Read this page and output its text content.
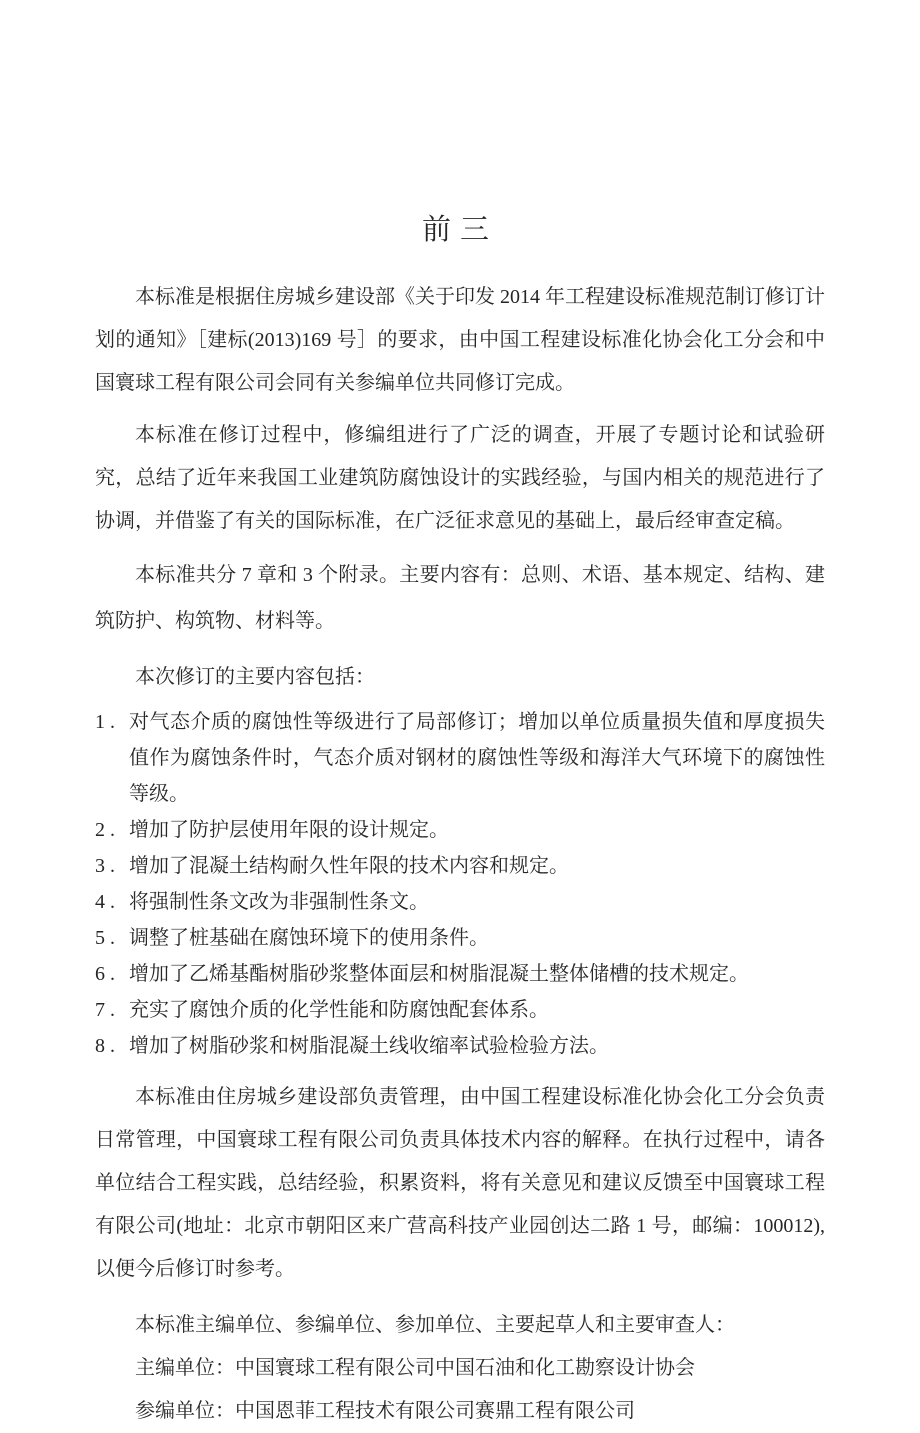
前三

本标准是根据住房城乡建设部《关于印发 2014 年工程建设标准规范制订修订计划的通知》［建标(2013)169 号］的要求，由中国工程建设标准化协会化工分会和中国寰球工程有限公司会同有关参编单位共同修订完成。

本标准在修订过程中，修编组进行了广泛的调查，开展了专题讨论和试验研究，总结了近年来我国工业建筑防腐蚀设计的实践经验，与国内相关的规范进行了协调，并借鉴了有关的国际标准，在广泛征求意见的基础上，最后经审查定稿。

本标准共分 7 章和 3 个附录。主要内容有：总则、术语、基本规定、结构、建筑防护、构筑物、材料等。

本次修订的主要内容包括：

1 . 对气态介质的腐蚀性等级进行了局部修订；增加以单位质量损失值和厚度损失值作为腐蚀条件时，气态介质对钢材的腐蚀性等级和海洋大气环境下的腐蚀性等级。
2 . 增加了防护层使用年限的设计规定。
3 . 增加了混凝土结构耐久性年限的技术内容和规定。
4 . 将强制性条文改为非强制性条文。
5 . 调整了桩基础在腐蚀环境下的使用条件。
6 . 增加了乙烯基酯树脂砂浆整体面层和树脂混凝土整体储槽的技术规定。
7 . 充实了腐蚀介质的化学性能和防腐蚀配套体系。
8 . 增加了树脂砂浆和树脂混凝土线收缩率试验检验方法。

本标准由住房城乡建设部负责管理，由中国工程建设标准化协会化工分会负责日常管理，中国寰球工程有限公司负责具体技术内容的解释。在执行过程中，请各单位结合工程实践，总结经验，积累资料，将有关意见和建议反馈至中国寰球工程有限公司(地址：北京市朝阳区来广营高科技产业园创达二路 1 号，邮编：100012),以便今后修订时参考。

本标准主编单位、参编单位、参加单位、主要起草人和主要审查人：

主编单位：中国寰球工程有限公司中国石油和化工勘察设计协会

参编单位：中国恩菲工程技术有限公司赛鼎工程有限公司
